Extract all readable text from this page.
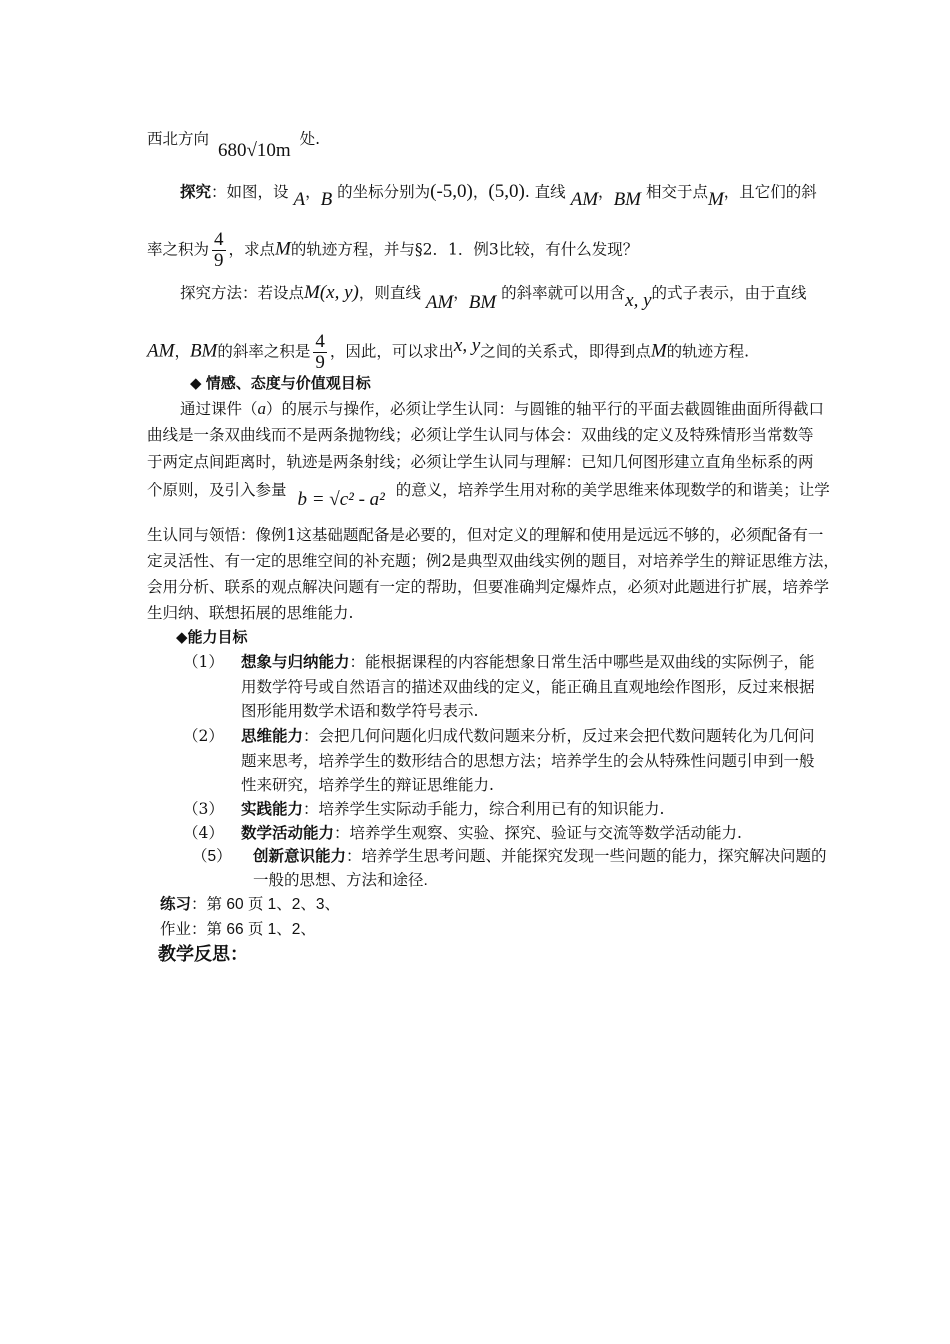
西北方向 680√10m 处.
探究：如图，设 A，B 的坐标分别为(-5,0)，(5,0). 直线 AM，BM 相交于点M，且它们的斜
率之积为 $\frac{4}{9}$ ，求点M的轨迹方程，并与§2．1．例3比较，有什么发现？
探究方法：若设点M(x, y)，则直线 AM，BM 的斜率就可以用含x, y的式子表示，由于直线
AM，BM的斜率之积是 $\frac{4}{9}$ ，因此，可以求出x, y之间的关系式，即得到点M的轨迹方程.
◆ 情感、态度与价值观目标
通过课件（a）的展示与操作，必须让学生认同：与圆锥的轴平行的平面去截圆锥曲面所得截口
曲线是一条双曲线而不是两条抛物线；必须让学生认同与体会：双曲线的定义及特殊情形当常数等
于两定点间距离时，轨迹是两条射线；必须让学生认同与理解：已知几何图形建立直角坐标系的两
个原则，及引入参量 b = √c² - a² 的意义，培养学生用对称的美学思维来体现数学的和谐美；让学
生认同与领悟：像例1这基础题配备是必要的，但对定义的理解和使用是远远不够的，必须配备有一
定灵活性、有一定的思维空间的补充题；例2是典型双曲线实例的题目，对培养学生的辩证思维方法，
会用分析、联系的观点解决问题有一定的帮助，但要准确判定爆炸点，必须对此题进行扩展，培养学
生归纳、联想拓展的思维能力.
◆能力目标
（1） 想象与归纳能力：能根据课程的内容能想象日常生活中哪些是双曲线的实际例子，能
用数学符号或自然语言的描述双曲线的定义，能正确且直观地绘作图形，反过来根据
图形能用数学术语和数学符号表示.
（2） 思维能力：会把几何问题化归成代数问题来分析，反过来会把代数问题转化为几何问
题来思考，培养学生的数形结合的思想方法；培养学生的会从特殊性问题引申到一般
性来研究，培养学生的辩证思维能力.
（3） 实践能力：培养学生实际动手能力，综合利用已有的知识能力.
（4） 数学活动能力：培养学生观察、实验、探究、验证与交流等数学活动能力.
（5） 创新意识能力：培养学生思考问题、并能探究发现一些问题的能力，探究解决问题的
一般的思想、方法和途径.
练习：第 60 页 1、2、3、
作业：第 66 页 1、2、
教学反思：
